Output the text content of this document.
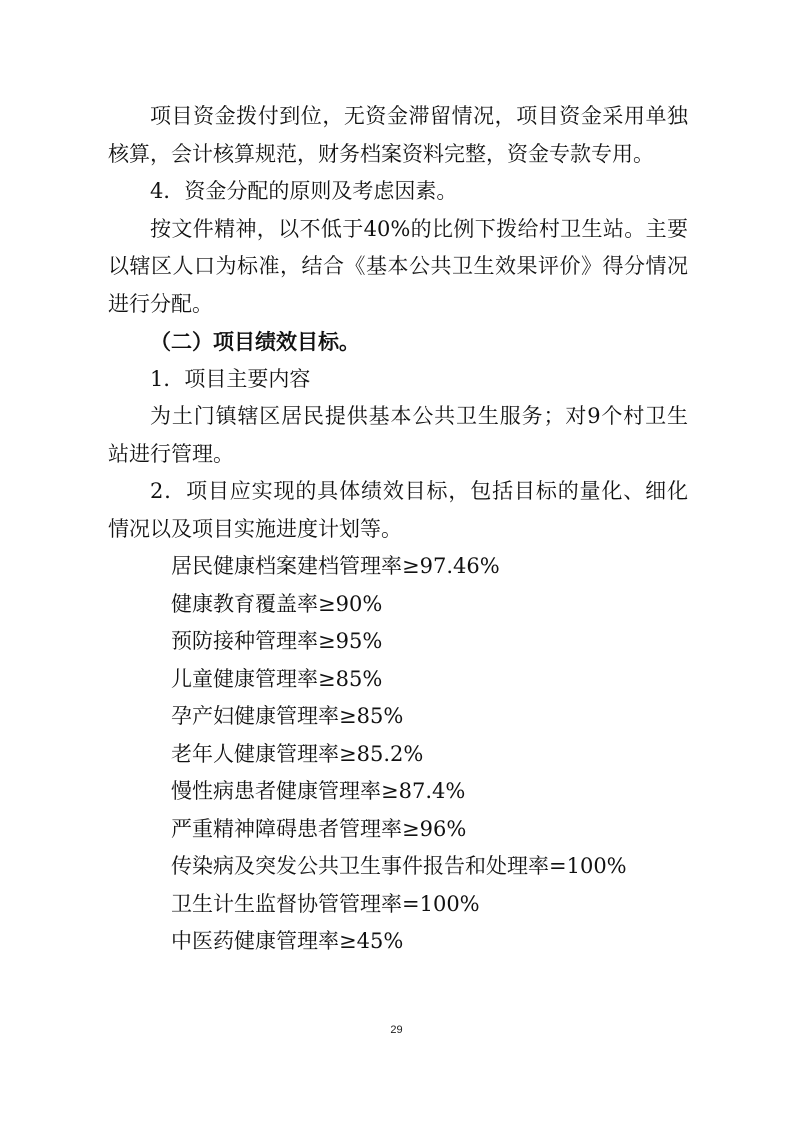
项目资金拨付到位，无资金滞留情况，项目资金采用单独核算，会计核算规范，财务档案资料完整，资金专款专用。

4．资金分配的原则及考虑因素。

按文件精神，以不低于40%的比例下拨给村卫生站。主要以辖区人口为标准，结合《基本公共卫生效果评价》得分情况进行分配。

（二）项目绩效目标。

1．项目主要内容

为土门镇辖区居民提供基本公共卫生服务；对9个村卫生站进行管理。

2．项目应实现的具体绩效目标，包括目标的量化、细化情况以及项目实施进度计划等。

居民健康档案建档管理率≥97.46%

健康教育覆盖率≥90%

预防接种管理率≥95%

儿童健康管理率≥85%

孕产妇健康管理率≥85%

老年人健康管理率≥85.2%

慢性病患者健康管理率≥87.4%

严重精神障碍患者管理率≥96%

传染病及突发公共卫生事件报告和处理率=100%

卫生计生监督协管管理率=100%

中医药健康管理率≥45%

29
